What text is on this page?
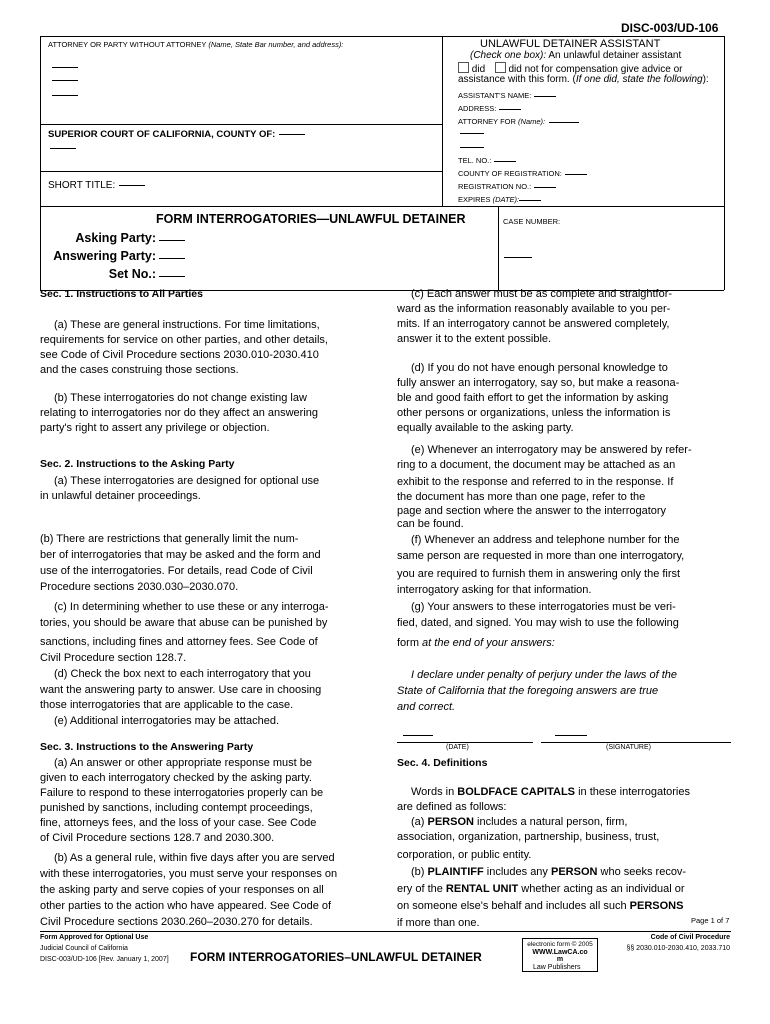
DISC-003/UD-106
ATTORNEY OR PARTY WITHOUT ATTORNEY (Name, State Bar number, and address):
SUPERIOR COURT OF CALIFORNIA, COUNTY OF:
SHORT TITLE:
UNLAWFUL DETAINER ASSISTANT
(Check one box): An unlawful detainer assistant
did did not for compensation give advice or
assistance with this form. (If one did, state the following):
ASSISTANT'S NAME:
ADDRESS:
ATTORNEY FOR (Name):
TEL. NO.:
COUNTY OF REGISTRATION:
REGISTRATION NO.:
EXPIRES (DATE):
FORM INTERROGATORIES—UNLAWFUL DETAINER	CASE NUMBER:
Asking Party:
Answering Party:
Set No.:
Sec. 1. Instructions to All Parties
(a) These are general instructions. For time limitations,
requirements for service on other parties, and other details,
see Code of Civil Procedure sections 2030.010-2030.410
and the cases construing those sections.
(b) These interrogatories do not change existing law
relating to interrogatories nor do they affect an answering
party's right to assert any privilege or objection.
Sec. 2. Instructions to the Asking Party
(a) These interrogatories are designed for optional use
in unlawful detainer proceedings.
(b) There are restrictions that generally limit the num-
ber of interrogatories that may be asked and the form and
use of the interrogatories. For details, read Code of Civil
Procedure sections 2030.030–2030.070.
(c) In determining whether to use these or any interroga-
tories, you should be aware that abuse can be punished by
sanctions, including fines and attorney fees. See Code of
Civil Procedure section 128.7.
(d) Check the box next to each interrogatory that you
want the answering party to answer. Use care in choosing
those interrogatories that are applicable to the case.
(e) Additional interrogatories may be attached.
Sec. 3. Instructions to the Answering Party
(a) An answer or other appropriate response must be
given to each interrogatory checked by the asking party.
Failure to respond to these interrogatories properly can be
punished by sanctions, including contempt proceedings,
fine, attorneys fees, and the loss of your case. See Code
of Civil Procedure sections 128.7 and 2030.300.
(b) As a general rule, within five days after you are served
with these interrogatories, you must serve your responses on
the asking party and serve copies of your responses on all
other parties to the action who have appeared. See Code of
Civil Procedure sections 2030.260–2030.270 for details.
(c) Each answer must be as complete and straightfor-
ward as the information reasonably available to you per-
mits. If an interrogatory cannot be answered completely,
answer it to the extent possible.
(d) If you do not have enough personal knowledge to
fully answer an interrogatory, say so, but make a reasona-
ble and good faith effort to get the information by asking
other persons or organizations, unless the information is
equally available to the asking party.
(e) Whenever an interrogatory may be answered by refer-
ring to a document, the document may be attached as an
exhibit to the response and referred to in the response. If
the document has more than one page, refer to the
page and section where the answer to the interrogatory
can be found.
(f) Whenever an address and telephone number for the
same person are requested in more than one interrogatory,
you are required to furnish them in answering only the first
interrogatory asking for that information.
(g) Your answers to these interrogatories must be veri-
fied, dated, and signed. You may wish to use the following
form at the end of your answers:
I declare under penalty of perjury under the laws of the
State of California that the foregoing answers are true
and correct.
(DATE)	(SIGNATURE)
Sec. 4. Definitions
Words in BOLDFACE CAPITALS in these interrogatories
are defined as follows:
(a) PERSON includes a natural person, firm,
association, organization, partnership, business, trust,
corporation, or public entity.
(b) PLAINTIFF includes any PERSON who seeks recov-
ery of the RENTAL UNIT whether acting as an individual or
on someone else's behalf and includes all such PERSONS
if more than one.	Page 1 of 7
Form Approved for Optional Use
Judicial Council of California
DISC-003/UD-106 [Rev. January 1, 2007] FORM INTERROGATORIES–UNLAWFUL DETAINER
electronic form © 2005
WWW.LawCA.co
m
Law Publishers
Code of Civil Procedure
§§ 2030.010-2030.410, 2033.710
